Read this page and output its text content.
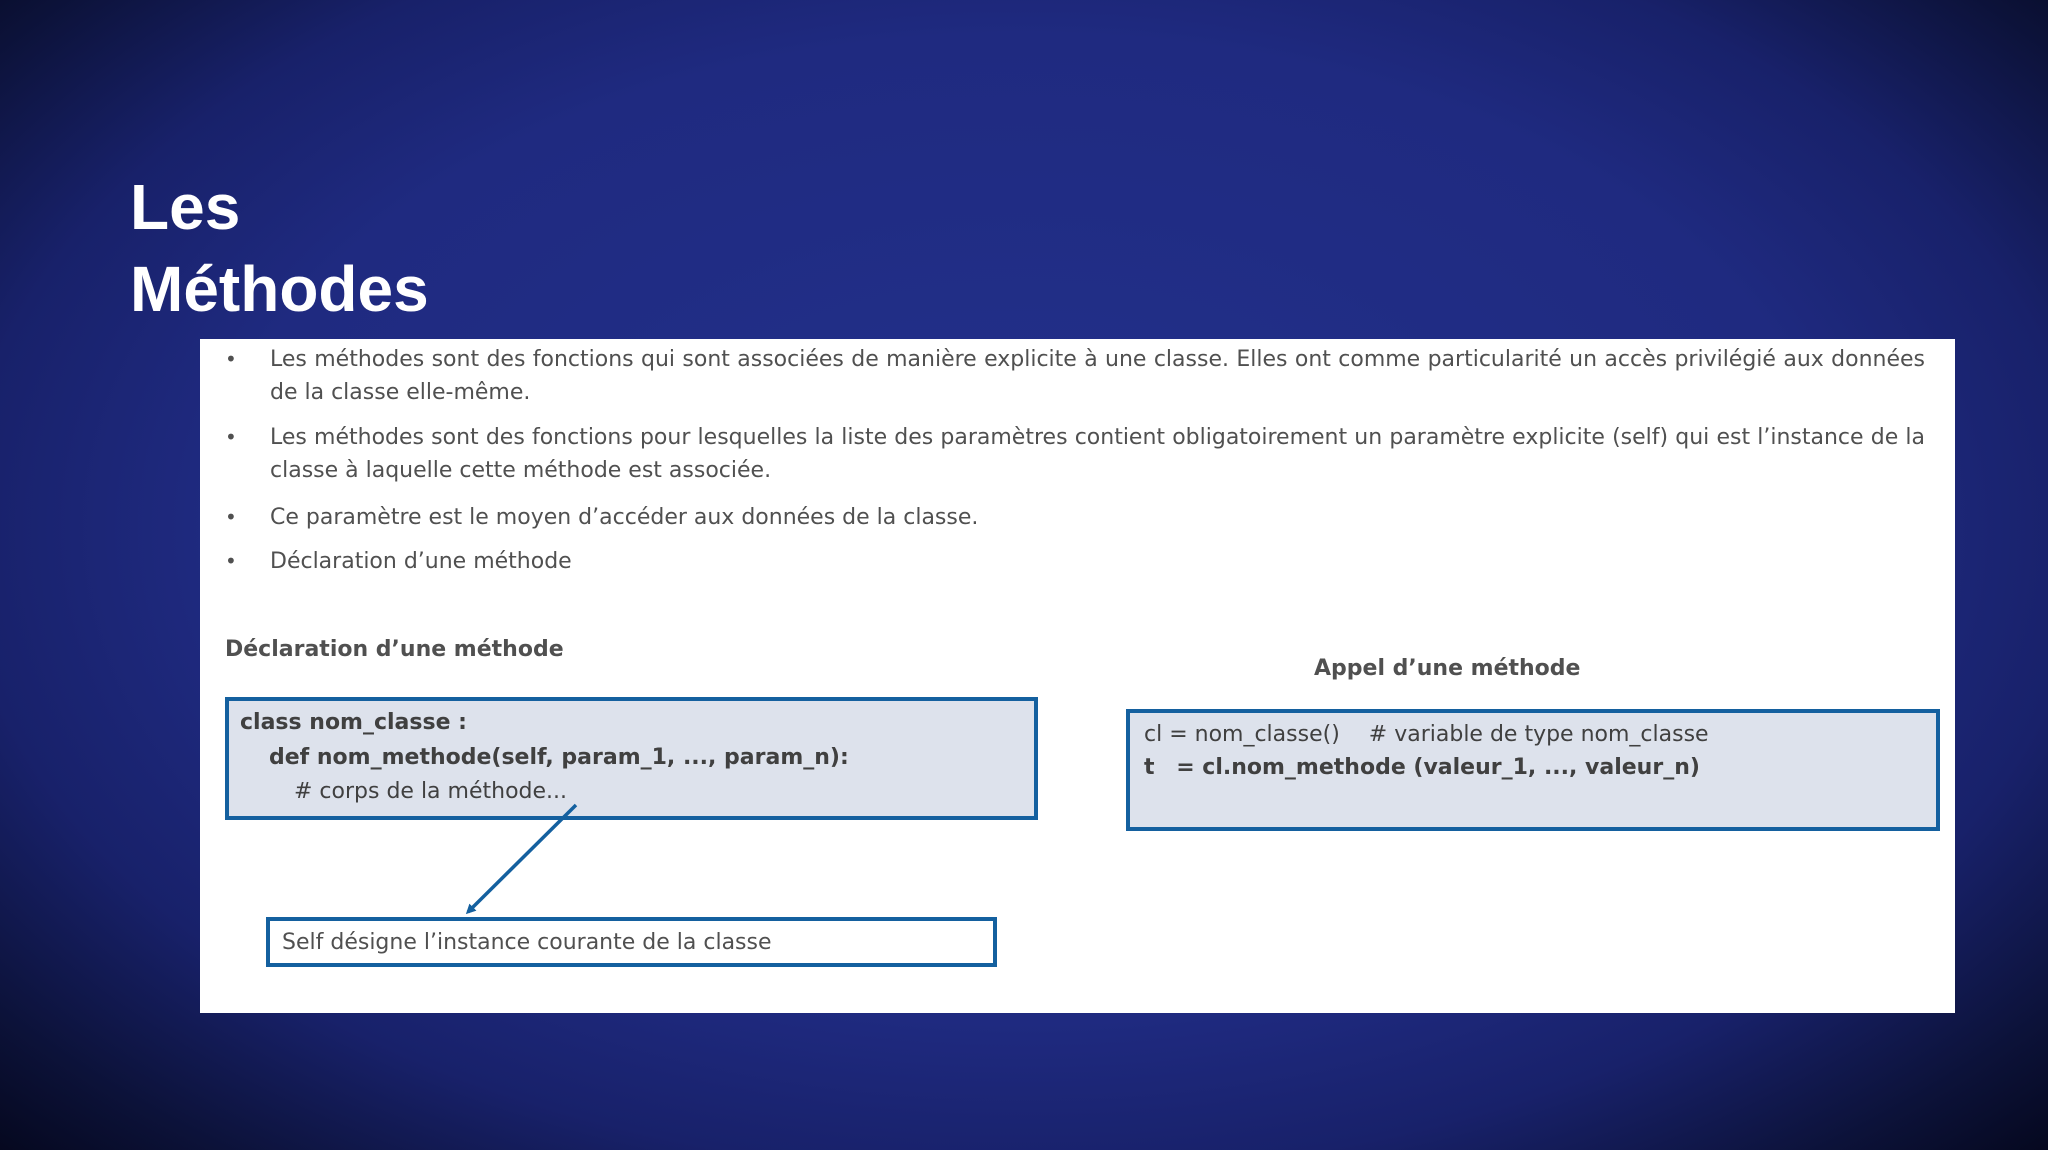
Les
Méthodes
•	Les méthodes sont des fonctions qui sont associées de manière explicite à une classe. Elles ont comme particularité un accès privilégié aux données de la classe elle-même.
•	Les méthodes sont des fonctions pour lesquelles la liste des paramètres contient obligatoirement un paramètre explicite (self) qui est l’instance de la classe à laquelle cette méthode est associée.
•	Ce paramètre est le moyen d’accéder aux données de la classe.
•	Déclaration d’une méthode
Déclaration d’une méthode
class nom_classe :
def nom_methode(self, param_1, ..., param_n):
# corps de la méthode...
Appel d’une méthode
cl = nom_classe() # variable de type nom_classe
t = cl.nom_methode (valeur_1, ..., valeur_n)
Self désigne l’instance courante de la classe
